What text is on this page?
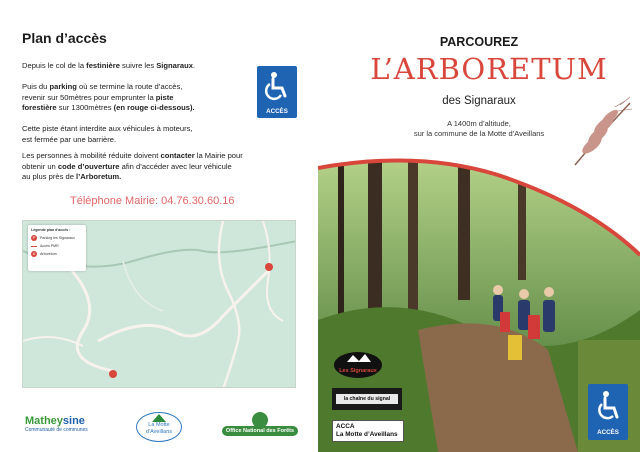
Plan d’accès
Depuis le col de la festinière suivre les Signaraux.
Puis du parking où se termine la route d’accès,
revenir sur 50mètres pour emprunter la piste
forestière sur 1300mètres (en rouge ci-dessous).
Cette piste étant interdite aux véhicules à moteurs,
est fermée par une barrière.
Les personnes à mobilité réduite doivent contacter la Mairie pour
obtenir un code d’ouverture afin d’accéder avec leur véhicule
au plus près de l’Arboretum.
ACCÈS
Téléphone Mairie: 04.76.30.60.16
Légende plan d'accès :
P	Parking les Signaraux
Accès PMR
A	Arboretum
Matheysine
Communauté de communes
La Motte d'Aveillans	Office National des Forêts
PARCOUREZ
L’ARBORETUM
des Signaraux
A 1400m d’altitude,
sur la commune de la Motte d’Aveillans
Les Signaraux
la chaîne du signal
ACCA
La Motte d’Aveillans	ACCÈS
